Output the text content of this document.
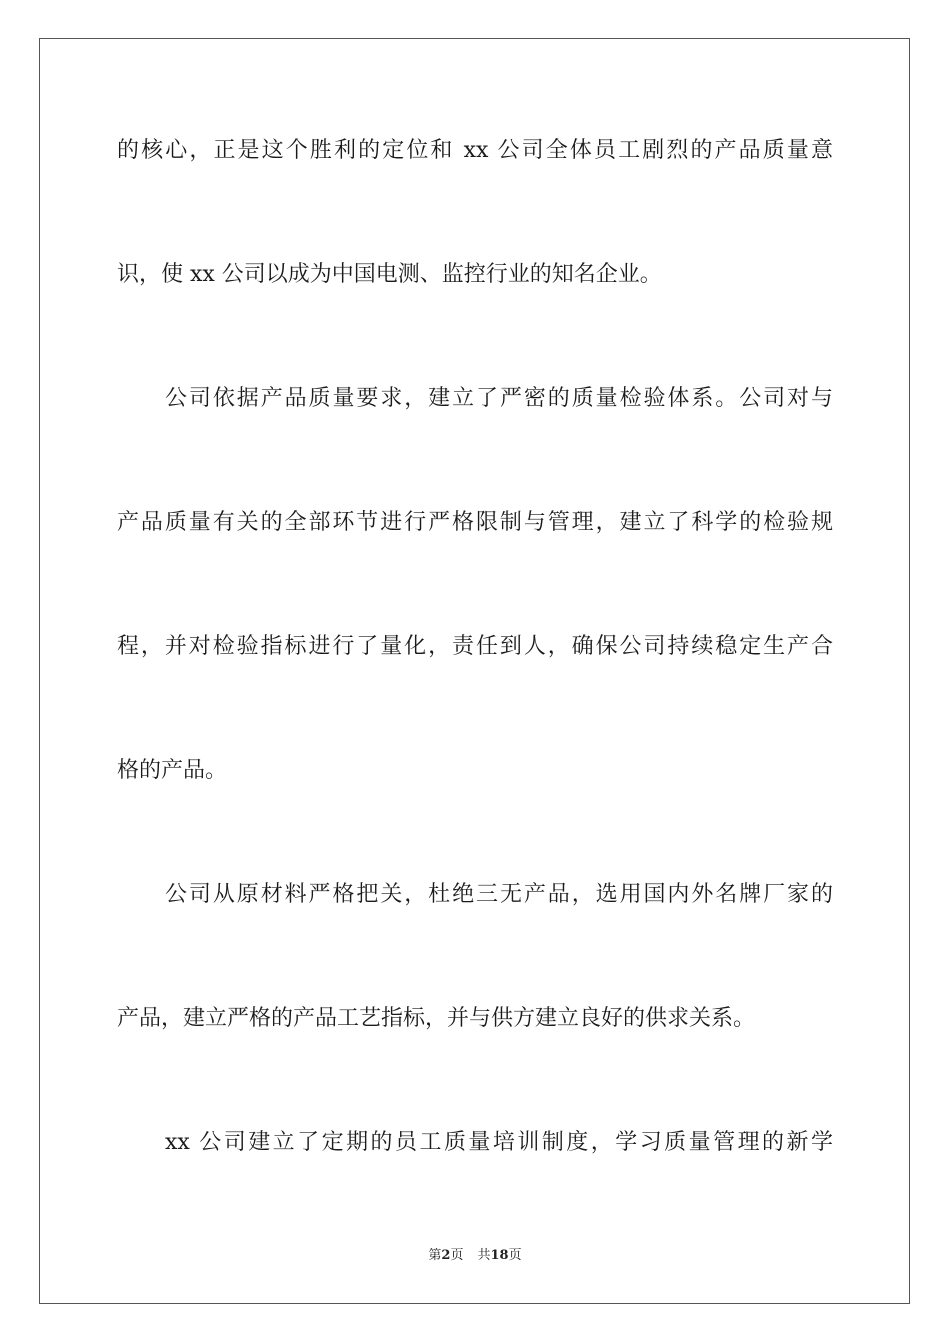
的核心，正是这个胜利的定位和 xx 公司全体员工剧烈的产品质量意
识，使 xx 公司以成为中国电测、监控行业的知名企业。
公司依据产品质量要求，建立了严密的质量检验体系。公司对与
产品质量有关的全部环节进行严格限制与管理，建立了科学的检验规
程，并对检验指标进行了量化，责任到人，确保公司持续稳定生产合
格的产品。
公司从原材料严格把关，杜绝三无产品，选用国内外名牌厂家的
产品，建立严格的产品工艺指标，并与供方建立良好的供求关系。
xx 公司建立了定期的员工质量培训制度，学习质量管理的新学
第2页 共18页
